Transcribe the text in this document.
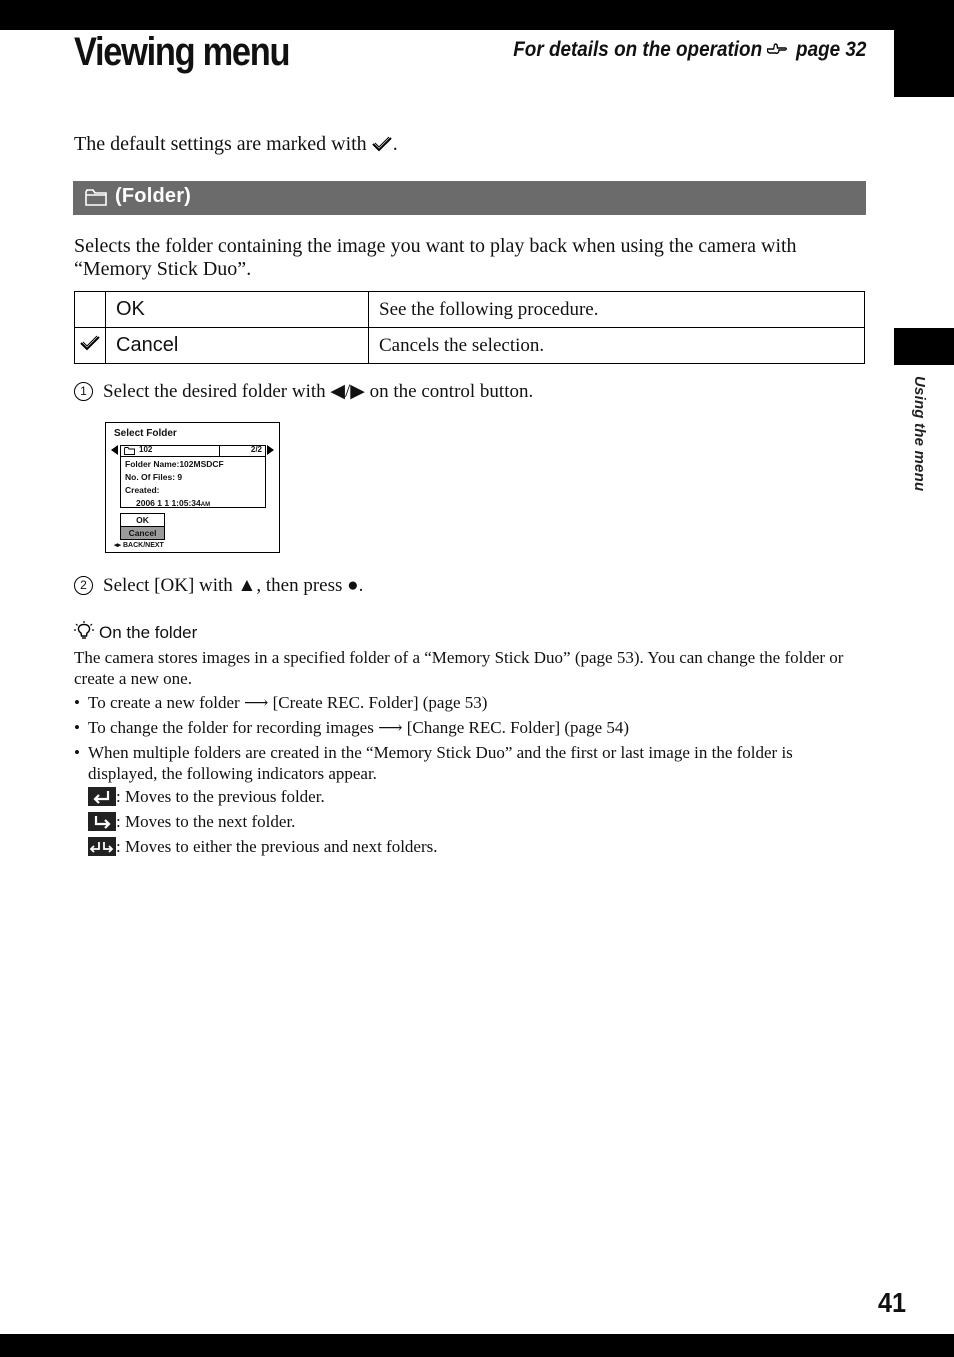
Using the menu
Viewing menu	For details on the operation page 32
The default settings are marked with .
(Folder)
Selects the folder containing the image you want to play back when using the camera with “Memory Stick Duo”.
	OK	See the following procedure.
	Cancel	Cancels the selection.
1 Select the desired folder with ◀/▶ on the control button.
Select Folder
102	2/2
Folder Name:102MSDCF
No. Of Files: 9
Created:
2006 1 1 1:05:34AM
OK
Cancel
◂▸ BACK/NEXT
2 Select [OK] with ▲, then press ●.
On the folder
The camera stores images in a specified folder of a “Memory Stick Duo” (page 53). You can change the folder or create a new one.
• To create a new folder ⟶ [Create REC. Folder] (page 53)
• To change the folder for recording images ⟶ [Change REC. Folder] (page 54)
• When multiple folders are created in the “Memory Stick Duo” and the first or last image in the folder is displayed, the following indicators appear.
: Moves to the previous folder.
: Moves to the next folder.
: Moves to either the previous and next folders.
41
